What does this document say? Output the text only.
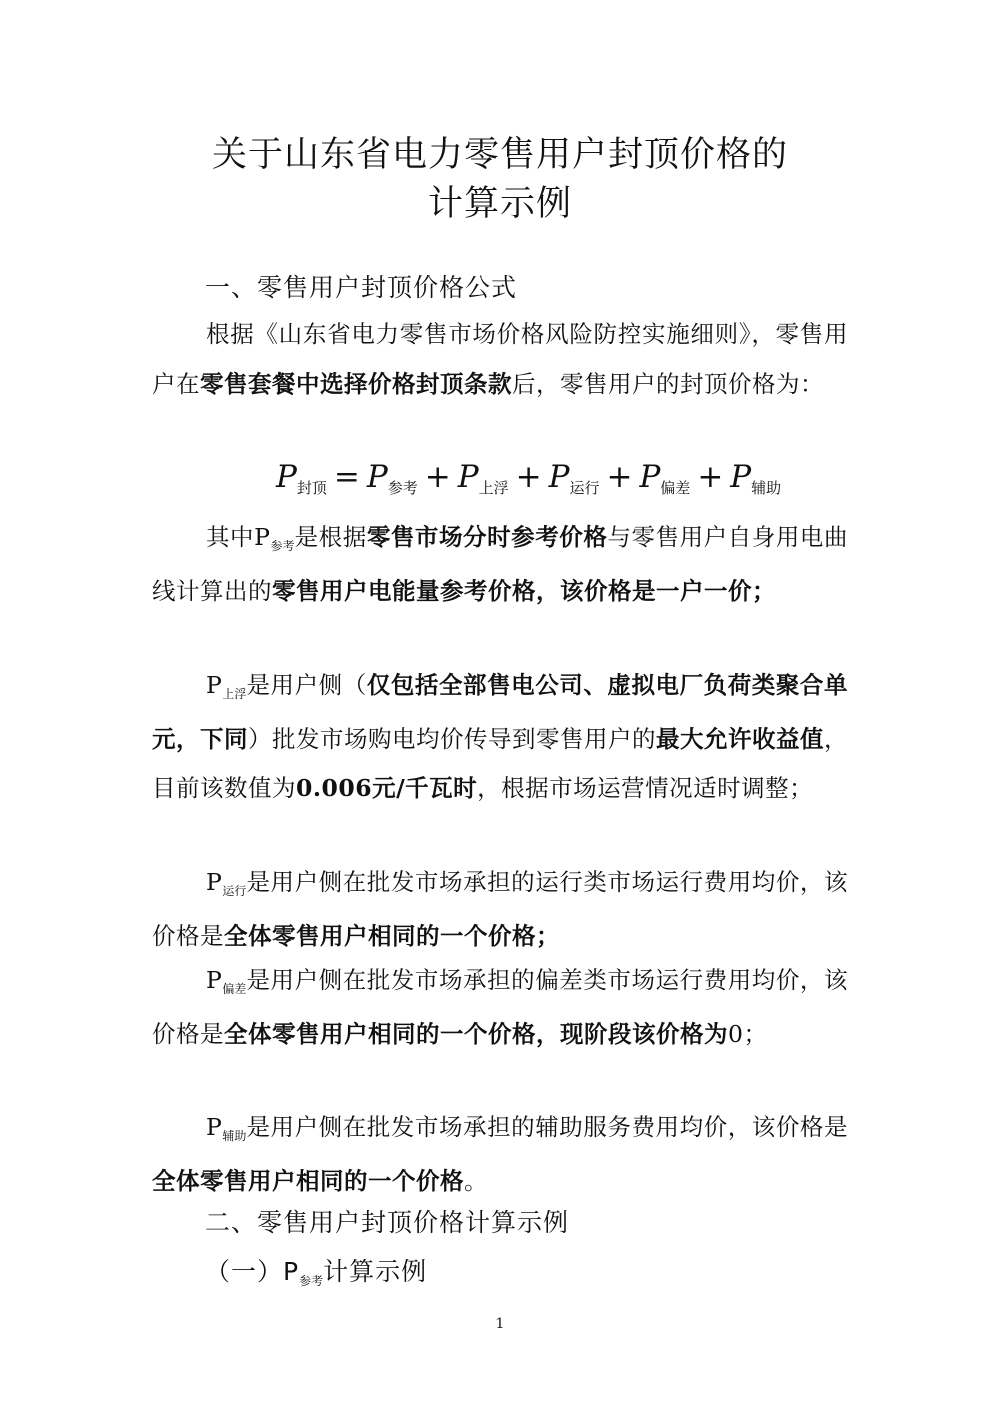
关于山东省电力零售用户封顶价格的
计算示例
一、零售用户封顶价格公式
根据《山东省电力零售市场价格风险防控实施细则》，零售用户在零售套餐中选择价格封顶条款后，零售用户的封顶价格为：
P封顶 = P参考 + P上浮 + P运行 + P偏差 + P辅助
其中$P_{参考}$是根据零售市场分时参考价格与零售用户自身用电曲线计算出的零售用户电能量参考价格，该价格是一户一价；
$P_{上浮}$是用户侧（仅包括全部售电公司、虚拟电厂负荷类聚合单元，下同）批发市场购电均价传导到零售用户的最大允许收益值，目前该数值为0.006元/千瓦时，根据市场运营情况适时调整；
$P_{运行}$是用户侧在批发市场承担的运行类市场运行费用均价，该价格是全体零售用户相同的一个价格；
$P_{偏差}$是用户侧在批发市场承担的偏差类市场运行费用均价，该价格是全体零售用户相同的一个价格，现阶段该价格为0；
$P_{辅助}$是用户侧在批发市场承担的辅助服务费用均价，该价格是全体零售用户相同的一个价格。
二、零售用户封顶价格计算示例
（一）$P_{参考}$计算示例
1
